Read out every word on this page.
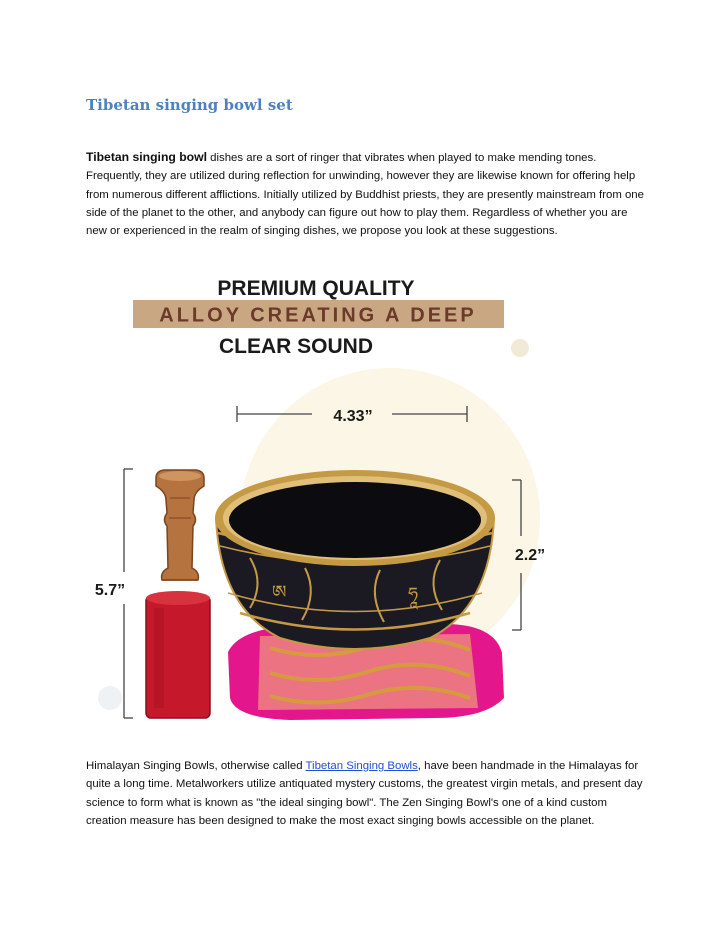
Tibetan singing bowl set

Tibetan singing bowl dishes are a sort of ringer that vibrates when played to make mending tones. Frequently, they are utilized during reflection for unwinding, however they are likewise known for offering help from numerous different afflictions. Initially utilized by Buddhist priests, they are presently mainstream from one side of the planet to the other, and anybody can figure out how to play them. Regardless of whether you are new or experienced in the realm of singing dishes, we propose you look at these suggestions.

PREMIUM QUALITY
ALLOY CREATING A DEEP
CLEAR SOUND
4.33”
2.2”
5.7”	ཨ	ཧཱ

Himalayan Singing Bowls, otherwise called Tibetan Singing Bowls, have been handmade in the Himalayas for quite a long time. Metalworkers utilize antiquated mystery customs, the greatest virgin metals, and present day science to form what is known as "the ideal singing bowl". The Zen Singing Bowl's one of a kind custom creation measure has been designed to make the most exact singing bowls accessible on the planet.
